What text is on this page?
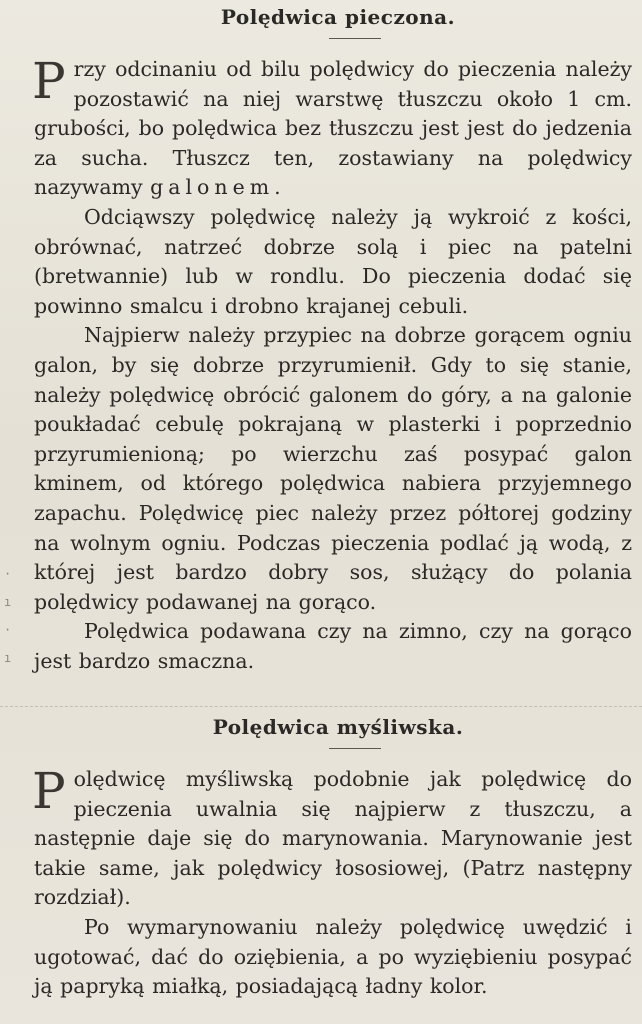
·
ı
·
ı
Polędwica pieczona.

Przy odcinaniu od bilu polędwicy do pieczenia należy pozostawić na niej warstwę tłuszczu około 1 cm. grubości, bo polędwica bez tłuszczu jest jest do jedzenia za sucha. Tłuszcz ten, zostawiany na polędwicy nazywamy galonem.

Odciąwszy polędwicę należy ją wykroić z kości, obrównać, natrzeć dobrze solą i piec na patelni (bretwannie) lub w rondlu. Do pieczenia dodać się powinno smalcu i drobno krajanej cebuli.

Najpierw należy przypiec na dobrze gorącem ogniu galon, by się dobrze przyrumienił. Gdy to się stanie, należy polędwicę obrócić galonem do góry, a na galonie poukładać cebulę pokrajaną w plasterki i poprzednio przyrumienioną; po wierzchu zaś posypać galon kminem, od którego polędwica nabiera przyjemnego zapachu. Polędwicę piec należy przez półtorej godziny na wolnym ogniu. Podczas pieczenia podlać ją wodą, z której jest bardzo dobry sos, służący do polania polędwicy podawanej na gorąco.

Polędwica podawana czy na zimno, czy na gorąco jest bardzo smaczna.

Polędwica myśliwska.

Polędwicę myśliwską podobnie jak polędwicę do pieczenia uwalnia się najpierw z tłuszczu, a następnie daje się do marynowania. Marynowanie jest takie same, jak polędwicy łososiowej, (Patrz następny rozdział).

Po wymarynowaniu należy polędwicę uwędzić i ugotować, dać do oziębienia, a po wyziębieniu posypać ją papryką miałką, posiadającą ładny kolor.
